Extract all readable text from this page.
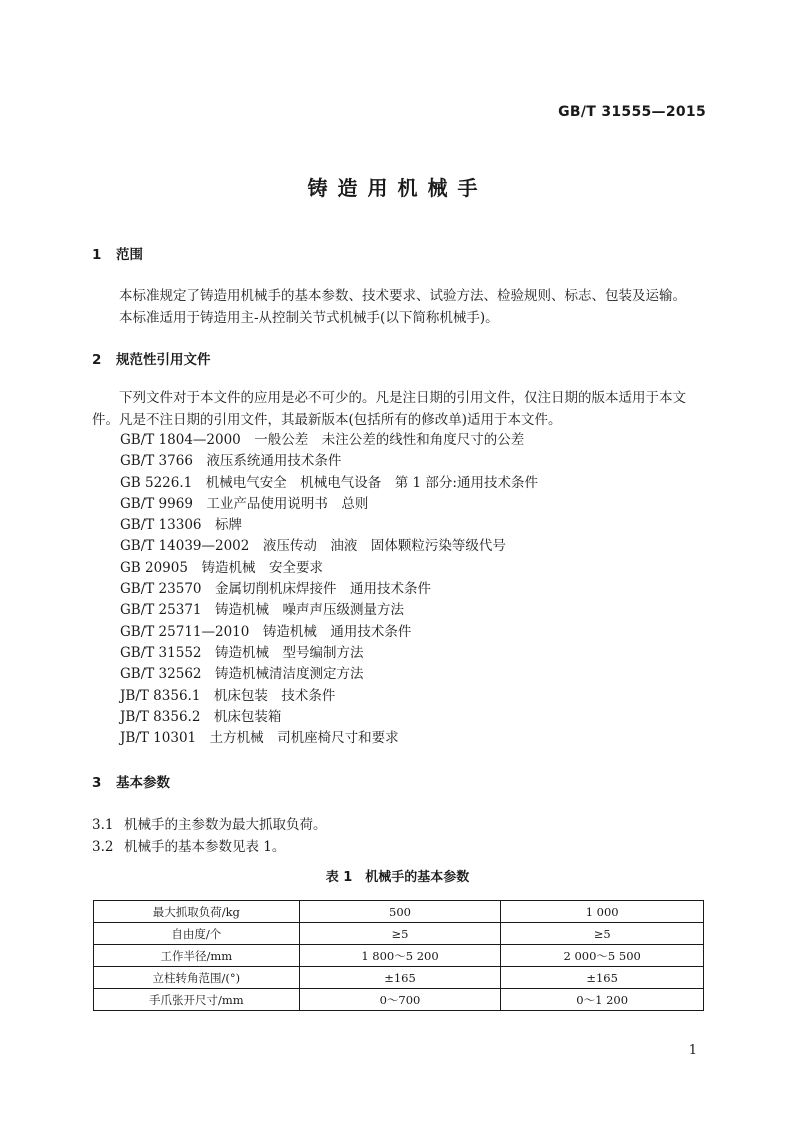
GB/T 31555—2015
铸造用机械手
1 范围
本标准规定了铸造用机械手的基本参数、技术要求、试验方法、检验规则、标志、包装及运输。
本标准适用于铸造用主-从控制关节式机械手(以下简称机械手)。
2 规范性引用文件
下列文件对于本文件的应用是必不可少的。凡是注日期的引用文件，仅注日期的版本适用于本文件。凡是不注日期的引用文件，其最新版本(包括所有的修改单)适用于本文件。
GB/T 1804—2000　一般公差　未注公差的线性和角度尺寸的公差
GB/T 3766　液压系统通用技术条件
GB 5226.1　机械电气安全　机械电气设备　第 1 部分:通用技术条件
GB/T 9969　工业产品使用说明书　总则
GB/T 13306　标牌
GB/T 14039—2002　液压传动　油液　固体颗粒污染等级代号
GB 20905　铸造机械　安全要求
GB/T 23570　金属切削机床焊接件　通用技术条件
GB/T 25371　铸造机械　噪声声压级测量方法
GB/T 25711—2010　铸造机械　通用技术条件
GB/T 31552　铸造机械　型号编制方法
GB/T 32562　铸造机械清洁度测定方法
JB/T 8356.1　机床包装　技术条件
JB/T 8356.2　机床包装箱
JB/T 10301　土方机械　司机座椅尺寸和要求
3 基本参数
3.1 机械手的主参数为最大抓取负荷。
3.2 机械手的基本参数见表 1。
表 1　机械手的基本参数
最大抓取负荷/kg	500	1 000
自由度/个	≥5	≥5
工作半径/mm	1 800～5 200	2 000～5 500
立柱转角范围/(°)	±165	±165
手爪张开尺寸/mm	0～700	0～1 200
1
